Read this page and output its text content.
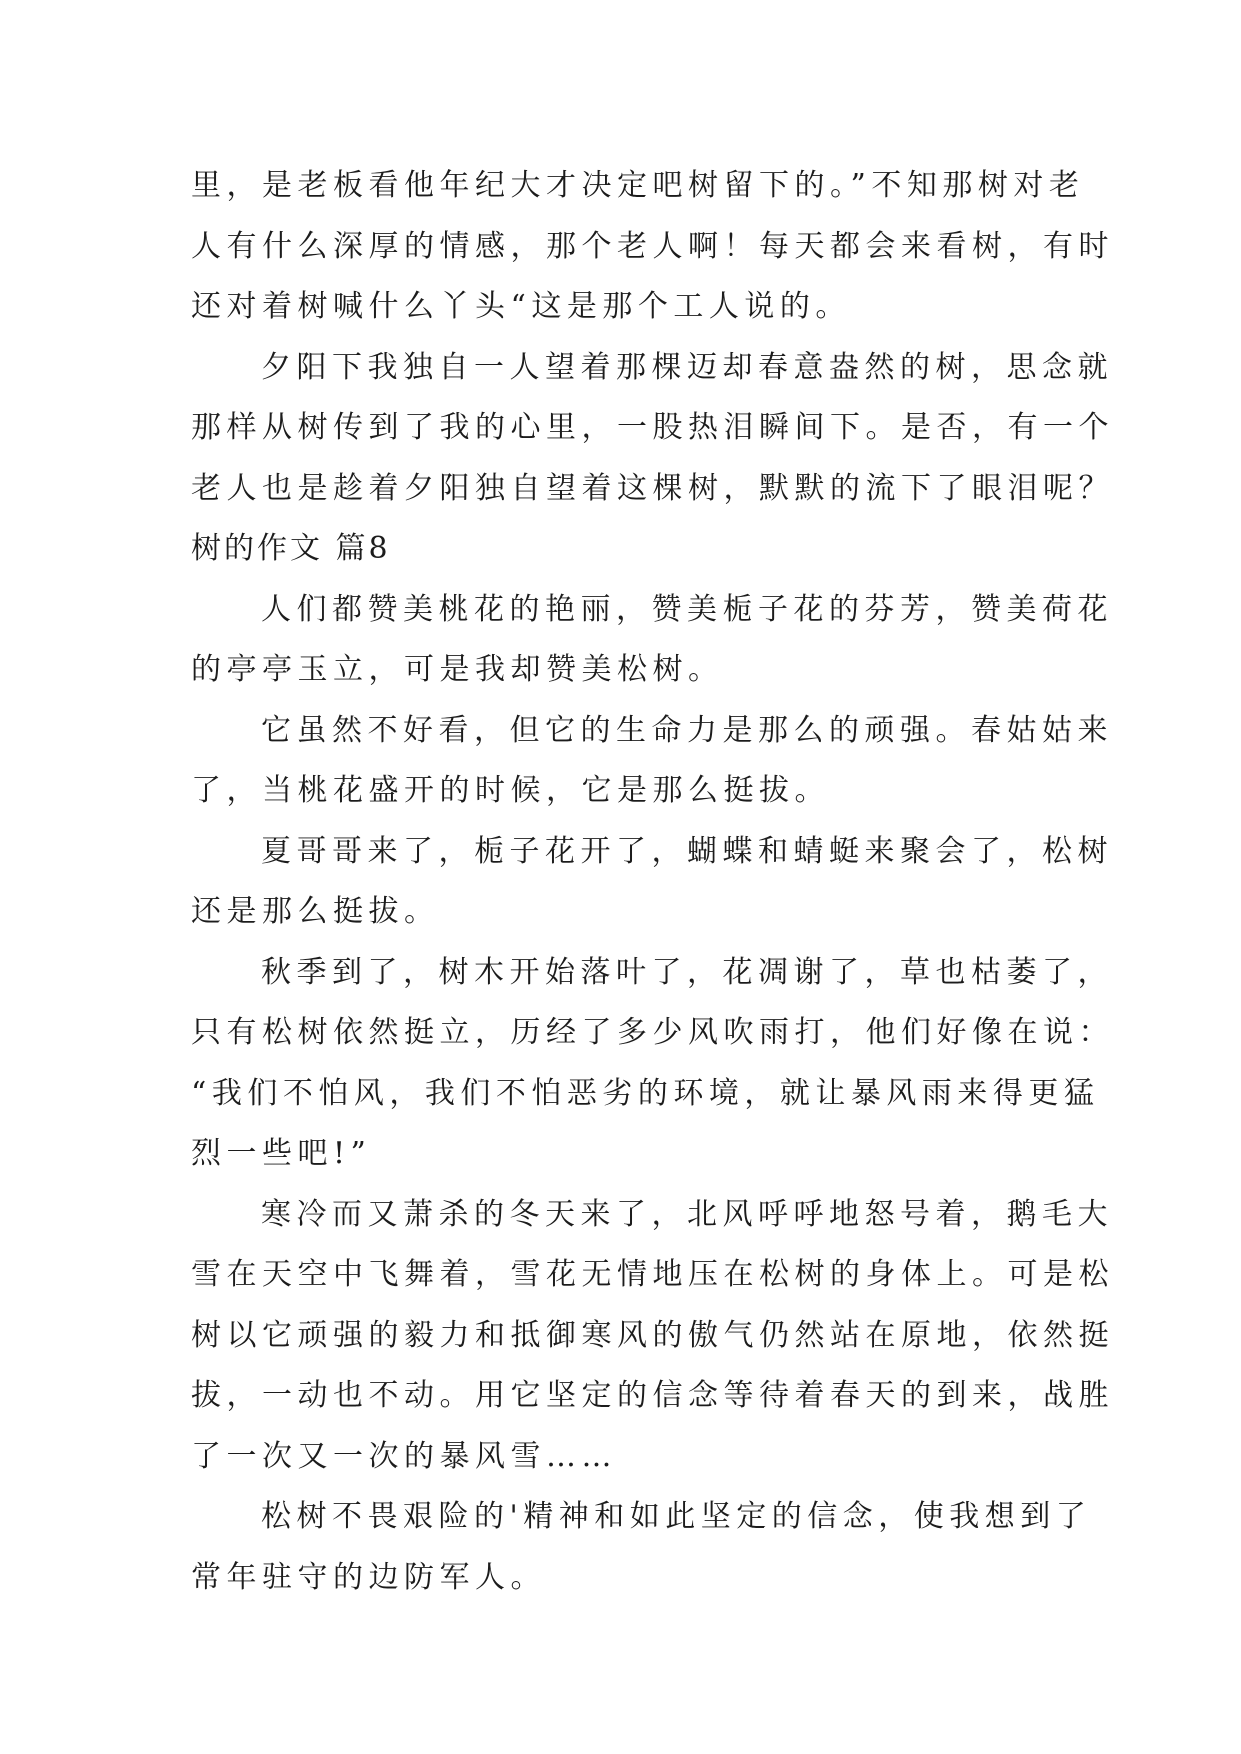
里，是老板看他年纪大才决定吧树留下的。”不知那树对老
人有什么深厚的情感，那个老人啊！每天都会来看树，有时
还对着树喊什么丫头“这是那个工人说的。
夕阳下我独自一人望着那棵迈却春意盎然的树，思念就
那样从树传到了我的心里，一股热泪瞬间下。是否，有一个
老人也是趁着夕阳独自望着这棵树，默默的流下了眼泪呢？
树的作文 篇8
人们都赞美桃花的艳丽，赞美栀子花的芬芳，赞美荷花
的亭亭玉立，可是我却赞美松树。
它虽然不好看，但它的生命力是那么的顽强。春姑姑来
了，当桃花盛开的时候，它是那么挺拔。
夏哥哥来了，栀子花开了，蝴蝶和蜻蜓来聚会了，松树
还是那么挺拔。
秋季到了，树木开始落叶了，花凋谢了，草也枯萎了，
只有松树依然挺立，历经了多少风吹雨打，他们好像在说：
“我们不怕风，我们不怕恶劣的环境，就让暴风雨来得更猛
烈一些吧!”
寒冷而又萧杀的冬天来了，北风呼呼地怒号着，鹅毛大
雪在天空中飞舞着，雪花无情地压在松树的身体上。可是松
树以它顽强的毅力和抵御寒风的傲气仍然站在原地，依然挺
拔，一动也不动。用它坚定的信念等待着春天的到来，战胜
了一次又一次的暴风雪……
松树不畏艰险的'精神和如此坚定的信念，使我想到了
常年驻守的边防军人。
